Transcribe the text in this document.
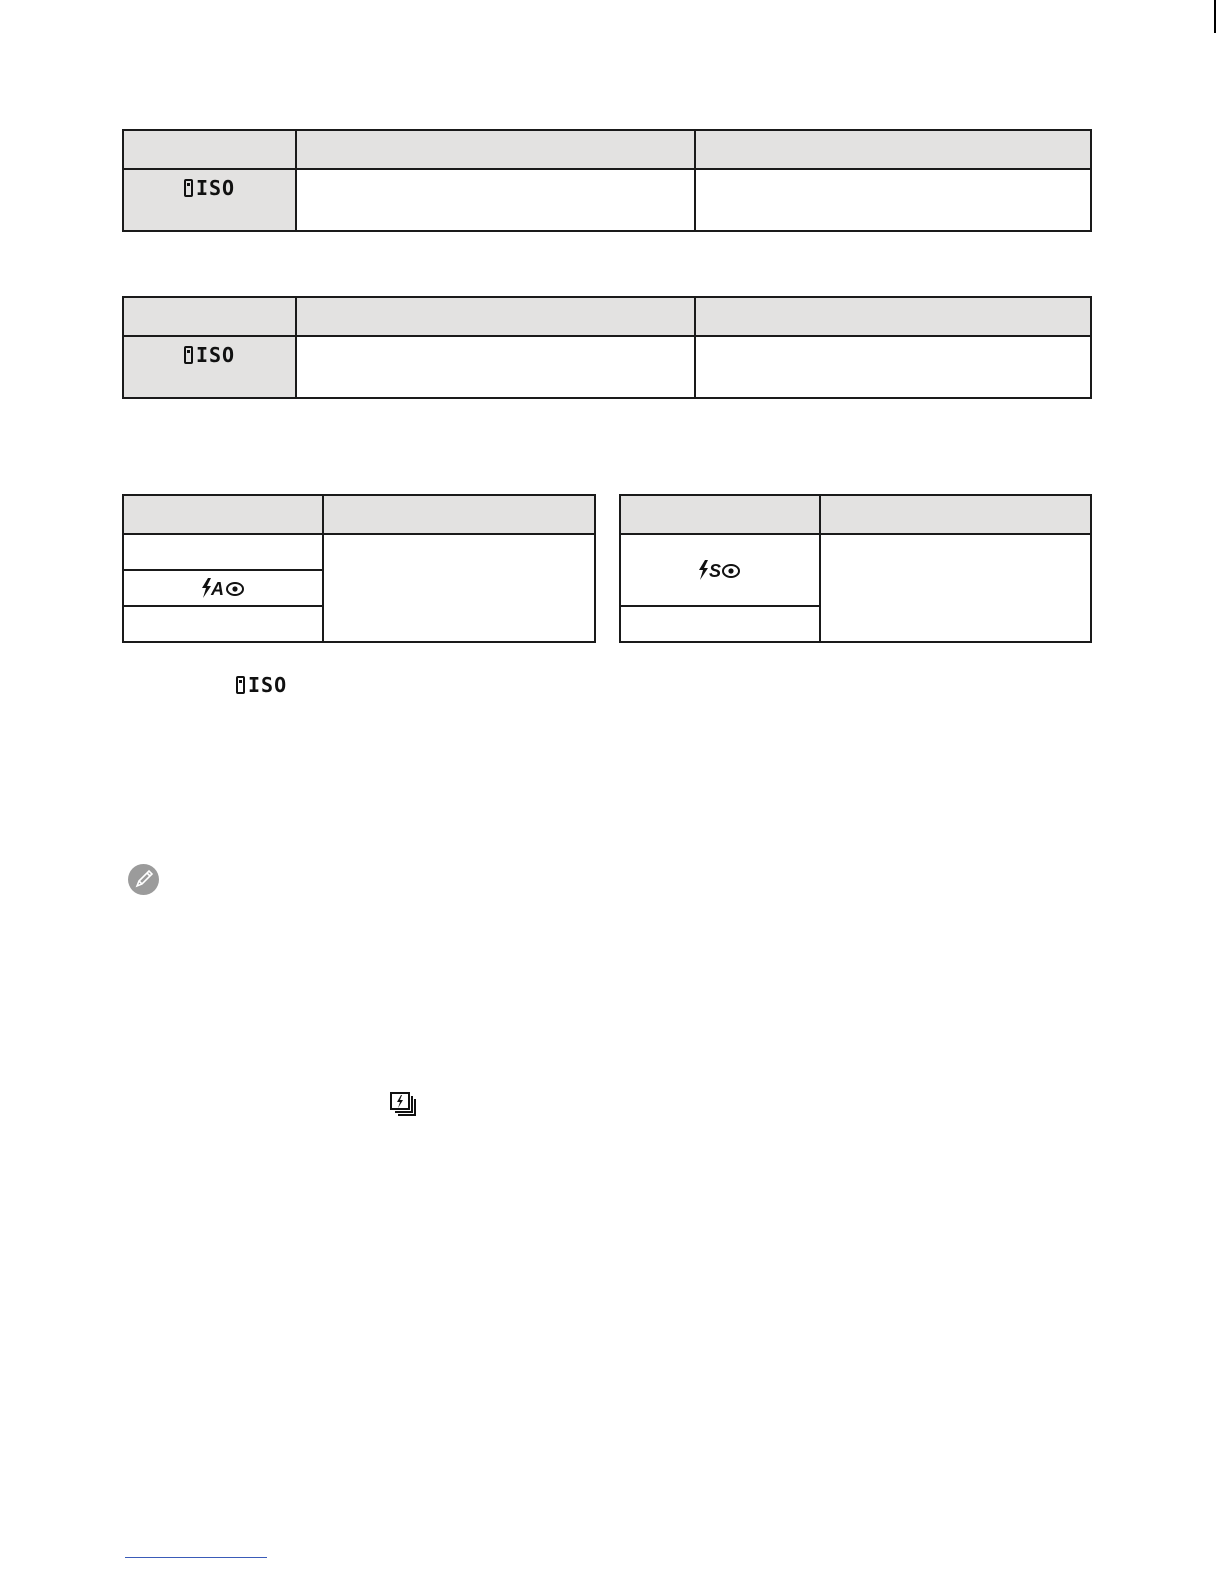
ISO
ISO
A
S
ISO
